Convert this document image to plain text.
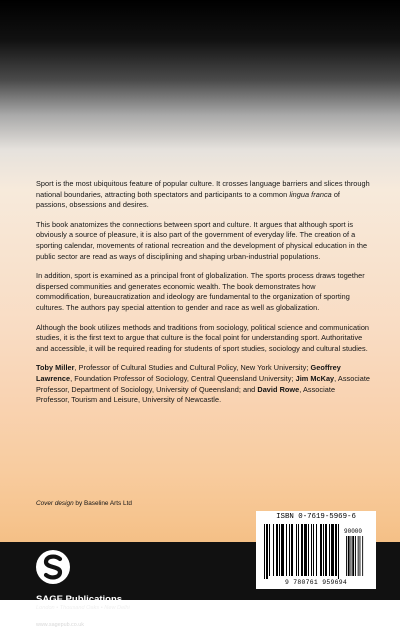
Sport is the most ubiquitous feature of popular culture. It crosses language barriers and slices through national boundaries, attracting both spectators and participants to a common lingua franca of passions, obsessions and desires.

This book anatomizes the connections between sport and culture. It argues that although sport is obviously a source of pleasure, it is also part of the government of everyday life. The creation of a sporting calendar, movements of rational recreation and the development of physical education in the public sector are read as ways of disciplining and shaping urban-industrial populations.

In addition, sport is examined as a principal front of globalization. The sports process draws together dispersed communities and generates economic wealth. The book demonstrates how commodification, bureaucratization and ideology are fundamental to the organization of sporting cultures. The authors pay special attention to gender and race as well as globalization.

Although the book utilizes methods and traditions from sociology, political science and communication studies, it is the first text to argue that culture is the focal point for understanding sport. Authoritative and accessible, it will be required reading for students of sport studies, sociology and cultural studies.

Toby Miller, Professor of Cultural Studies and Cultural Policy, New York University; Geoffrey Lawrence, Foundation Professor of Sociology, Central Queensland University; Jim McKay, Associate Professor, Department of Sociology, University of Queensland; and David Rowe, Associate Professor, Tourism and Leisure, University of Newcastle.

Cover design by Baseline Arts Ltd
SAGE Publications
London • Thousand Oaks • New Delhi
www.sagepub.co.uk
ISBN 0-7619-5969-6
90000
9 780761 959694
